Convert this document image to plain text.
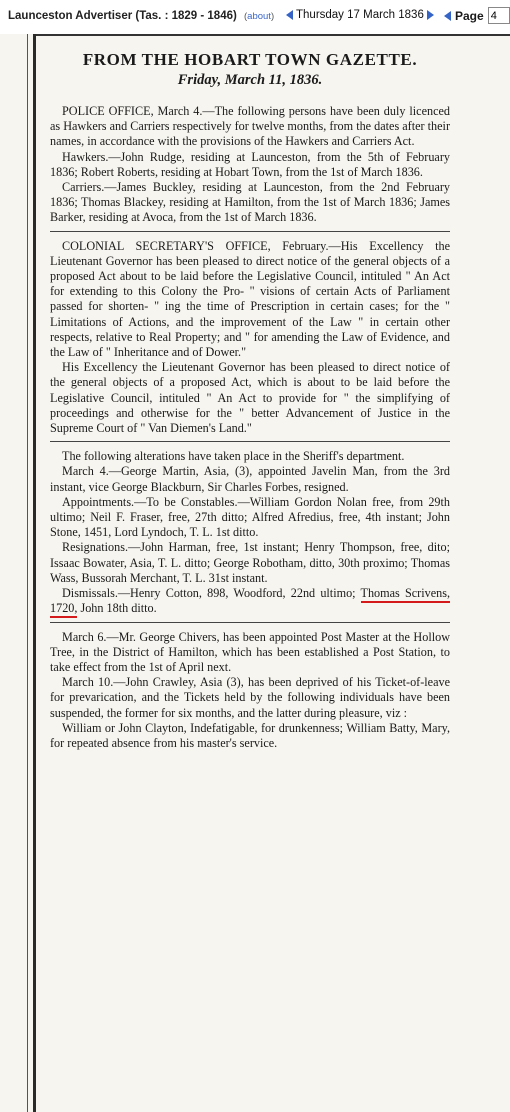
Launceston Advertiser (Tas. : 1829 - 1846) (about) Thursday 17 March 1836	Page
4
FROM THE HOBART TOWN GAZETTE.
Friday, March 11, 1836.

POLICE OFFICE, March 4.—The following persons have been duly licenced as Hawkers and Carriers respectively for twelve months, from the dates after their names, in accordance with the provisions of the Hawkers and Carriers Act.

Hawkers.—John Rudge, residing at Launceston, from the 5th of February 1836; Robert Roberts, residing at Hobart Town, from the 1st of March 1836.

Carriers.—James Buckley, residing at Launceston, from the 2nd February 1836; Thomas Blackey, residing at Hamilton, from the 1st of March 1836; James Barker, residing at Avoca, from the 1st of March 1836.

COLONIAL SECRETARY'S OFFICE, February.—His Excellency the Lieutenant Governor has been pleased to direct notice of the general objects of a proposed Act about to be laid before the Legislative Council, intituled " An Act for extending to this Colony the Pro- " visions of certain Acts of Parliament passed for shorten- " ing the time of Prescription in certain cases; for the " Limitations of Actions, and the improvement of the Law " in certain other respects, relative to Real Property; and " for amending the Law of Evidence, and the Law of " Inheritance and of Dower."

His Excellency the Lieutenant Governor has been pleased to direct notice of the general objects of a proposed Act, which is about to be laid before the Legislative Council, intituled " An Act to provide for " the simplifying of proceedings and otherwise for the " better Advancement of Justice in the Supreme Court of " Van Diemen's Land."

The following alterations have taken place in the Sheriff's department.

March 4.—George Martin, Asia, (3), appointed Javelin Man, from the 3rd instant, vice George Blackburn, Sir Charles Forbes, resigned.

Appointments.—To be Constables.—William Gordon Nolan free, from 29th ultimo; Neil F. Fraser, free, 27th ditto; Alfred Afredius, free, 4th instant; John Stone, 1451, Lord Lyndoch, T. L. 1st ditto.

Resignations.—John Harman, free, 1st instant; Henry Thompson, free, dito; Issaac Bowater, Asia, T. L. ditto; George Robotham, ditto, 30th proximo; Thomas Wass, Bussorah Merchant, T. L. 31st instant.

Dismissals.—Henry Cotton, 898, Woodford, 22nd ultimo; Thomas Scrivens, 1720, John 18th ditto.

March 6.—Mr. George Chivers, has been appointed Post Master at the Hollow Tree, in the District of Hamilton, which has been established a Post Station, to take effect from the 1st of April next.

March 10.—John Crawley, Asia (3), has been deprived of his Ticket-of-leave for prevarication, and the Tickets held by the following individuals have been suspended, the former for six months, and the latter during pleasure, viz :

William or John Clayton, Indefatigable, for drunkenness; William Batty, Mary, for repeated absence from his master's service.
